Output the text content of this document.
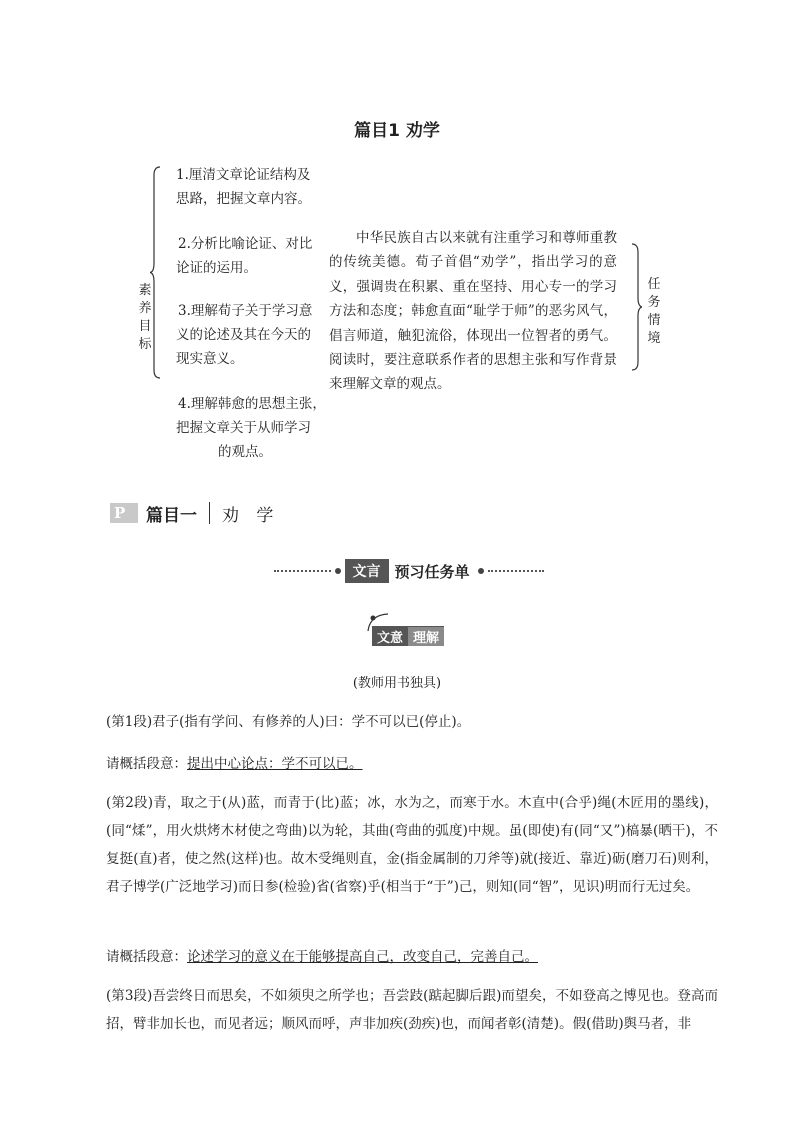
篇目1 劝学
素养目标
1.厘清文章论证结构及
思路，把握文章内容。
2.分析比喻论证、对比
论证的运用。
3.理解荀子关于学习意
义的论述及其在今天的
现实意义。
4.理解韩愈的思想主张，
把握文章关于从师学习
的观点。
中华民族自古以来就有注重学习和尊师重教的传统美德。荀子首倡“劝学”，指出学习的意义，强调贵在积累、重在坚持、用心专一的学习方法和态度；韩愈直面“耻学于师”的恶劣风气，倡言师道，触犯流俗，体现出一位智者的勇气。阅读时，要注意联系作者的思想主张和写作背景来理解文章的观点。
任务情境
P	篇目一 劝 学
文言 预习任务单
文意 理解
(教师用书独具)
(第1段)君子(指有学问、有修养的人)曰：学不可以已(停止)。
请概括段意：提出中心论点：学不可以已。
(第2段)青，取之于(从)蓝，而青于(比)蓝；冰，水为之，而寒于水。木直中(合乎)绳(木匠用的墨线)， (同“煣”，用火烘烤木材使之弯曲)以为轮，其曲(弯曲的弧度)中规。虽(即使)有(同“又”)槁暴(晒干)，不复挺(直)者，使之然(这样)也。故木受绳则直，金(指金属制的刀斧等)就(接近、靠近)砺(磨刀石)则利，君子博学(广泛地学习)而日参(检验)省(省察)乎(相当于“于”)己，则知(同“智”，见识)明而行无过矣。
请概括段意：论述学习的意义在于能够提高自己，改变自己，完善自己。
(第3段)吾尝终日而思矣，不如须臾之所学也；吾尝跂(踮起脚后跟)而望矣，不如登高之博见也。登高而招，臂非加长也，而见者远；顺风而呼，声非加疾(劲疾)也，而闻者彰(清楚)。假(借助)舆马者，非
